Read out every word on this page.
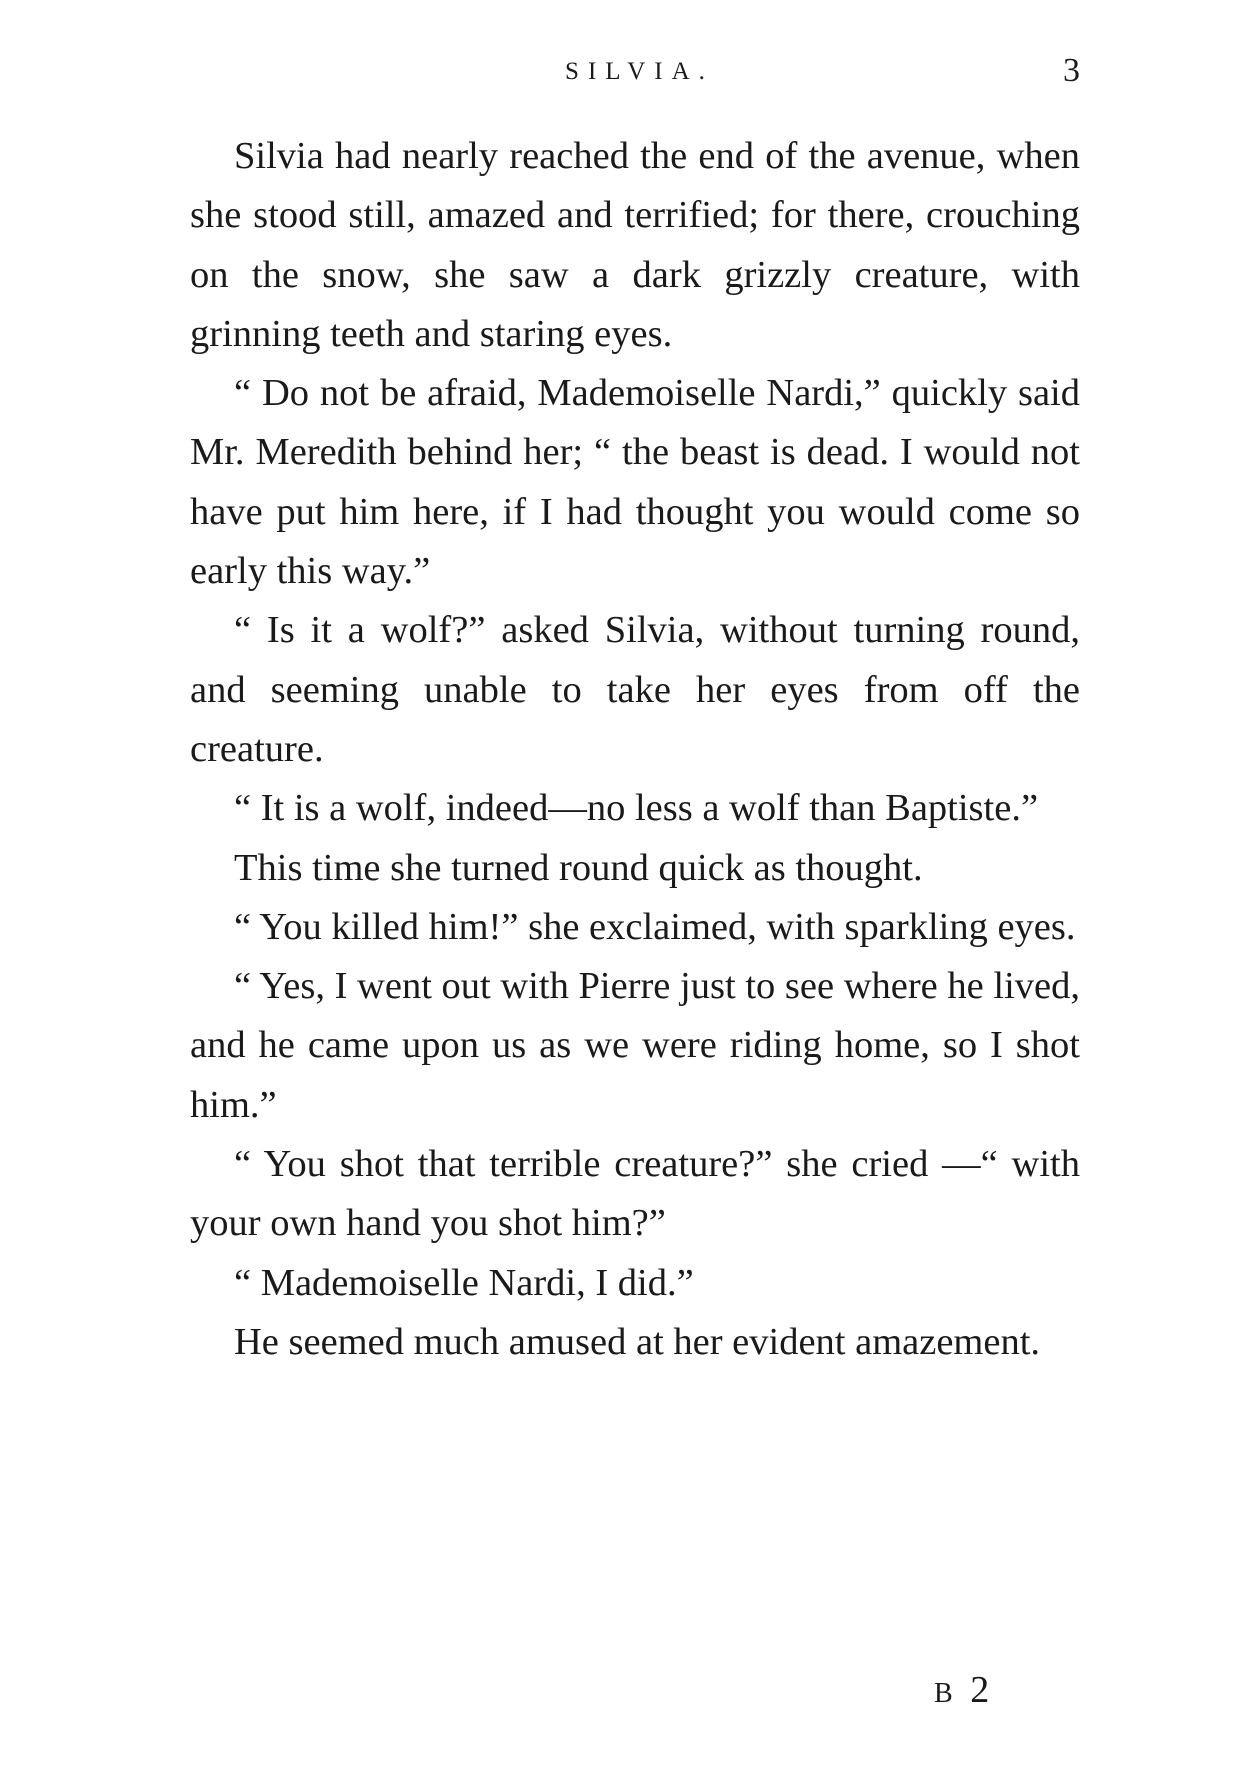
SILVIA.	3

Silvia had nearly reached the end of the avenue, when she stood still, amazed and terrified; for there, crouching on the snow, she saw a dark grizzly creature, with grinning teeth and staring eyes.

“ Do not be afraid, Mademoiselle Nardi,” quickly said Mr. Meredith behind her; “ the beast is dead. I would not have put him here, if I had thought you would come so early this way.”

“ Is it a wolf?” asked Silvia, without turning round, and seeming unable to take her eyes from off the creature.

“ It is a wolf, indeed—no less a wolf than Baptiste.”

This time she turned round quick as thought.

“ You killed him!” she exclaimed, with sparkling eyes.

“ Yes, I went out with Pierre just to see where he lived, and he came upon us as we were riding home, so I shot him.”

“ You shot that terrible creature?” she cried —“ with your own hand you shot him?”

“ Mademoiselle Nardi, I did.”

He seemed much amused at her evident amazement.

B 2
